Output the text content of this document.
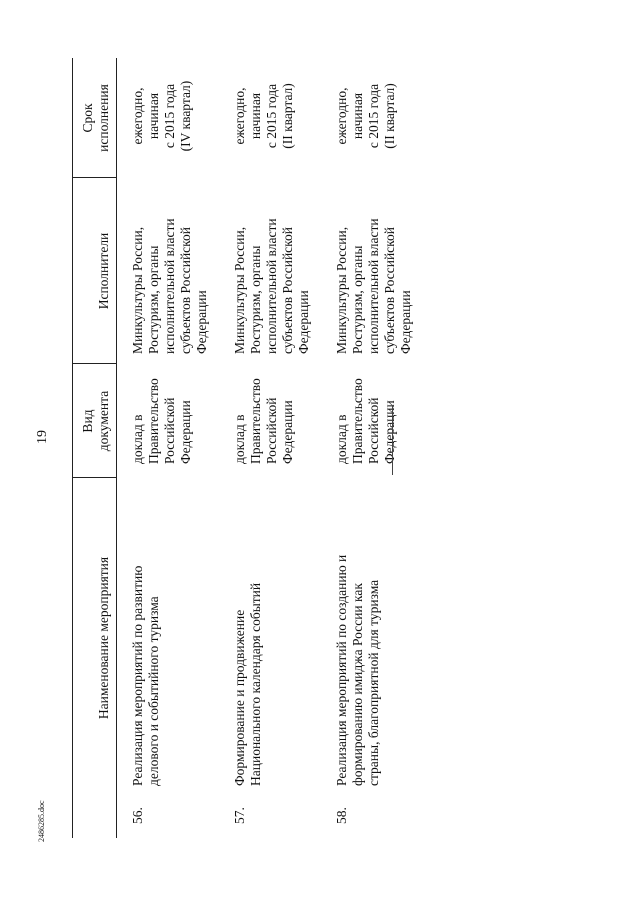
19
2486285.doc
Наименование мероприятия
Вид
документа
Исполнители
Срок
исполнения
56.
Реализация мероприятий по развитию
делового и событийного туризма
доклад в
Правительство
Российской
Федерации
Минкультуры России,
Ростуризм, органы
исполнительной власти
субъектов Российской
Федерации
ежегодно,
начиная
с 2015 года
(IV квартал)
57.
Формирование и продвижение
Национального календаря событий
доклад в
Правительство
Российской
Федерации
Минкультуры России,
Ростуризм, органы
исполнительной власти
субъектов Российской
Федерации
ежегодно,
начиная
с 2015 года
(II квартал)
58.
Реализация мероприятий по созданию и
формированию имиджа России как
страны, благоприятной для туризма
доклад в
Правительство
Российской
Федерации
Минкультуры России,
Ростуризм, органы
исполнительной власти
субъектов Российской
Федерации
ежегодно,
начиная
с 2015 года
(II квартал)
